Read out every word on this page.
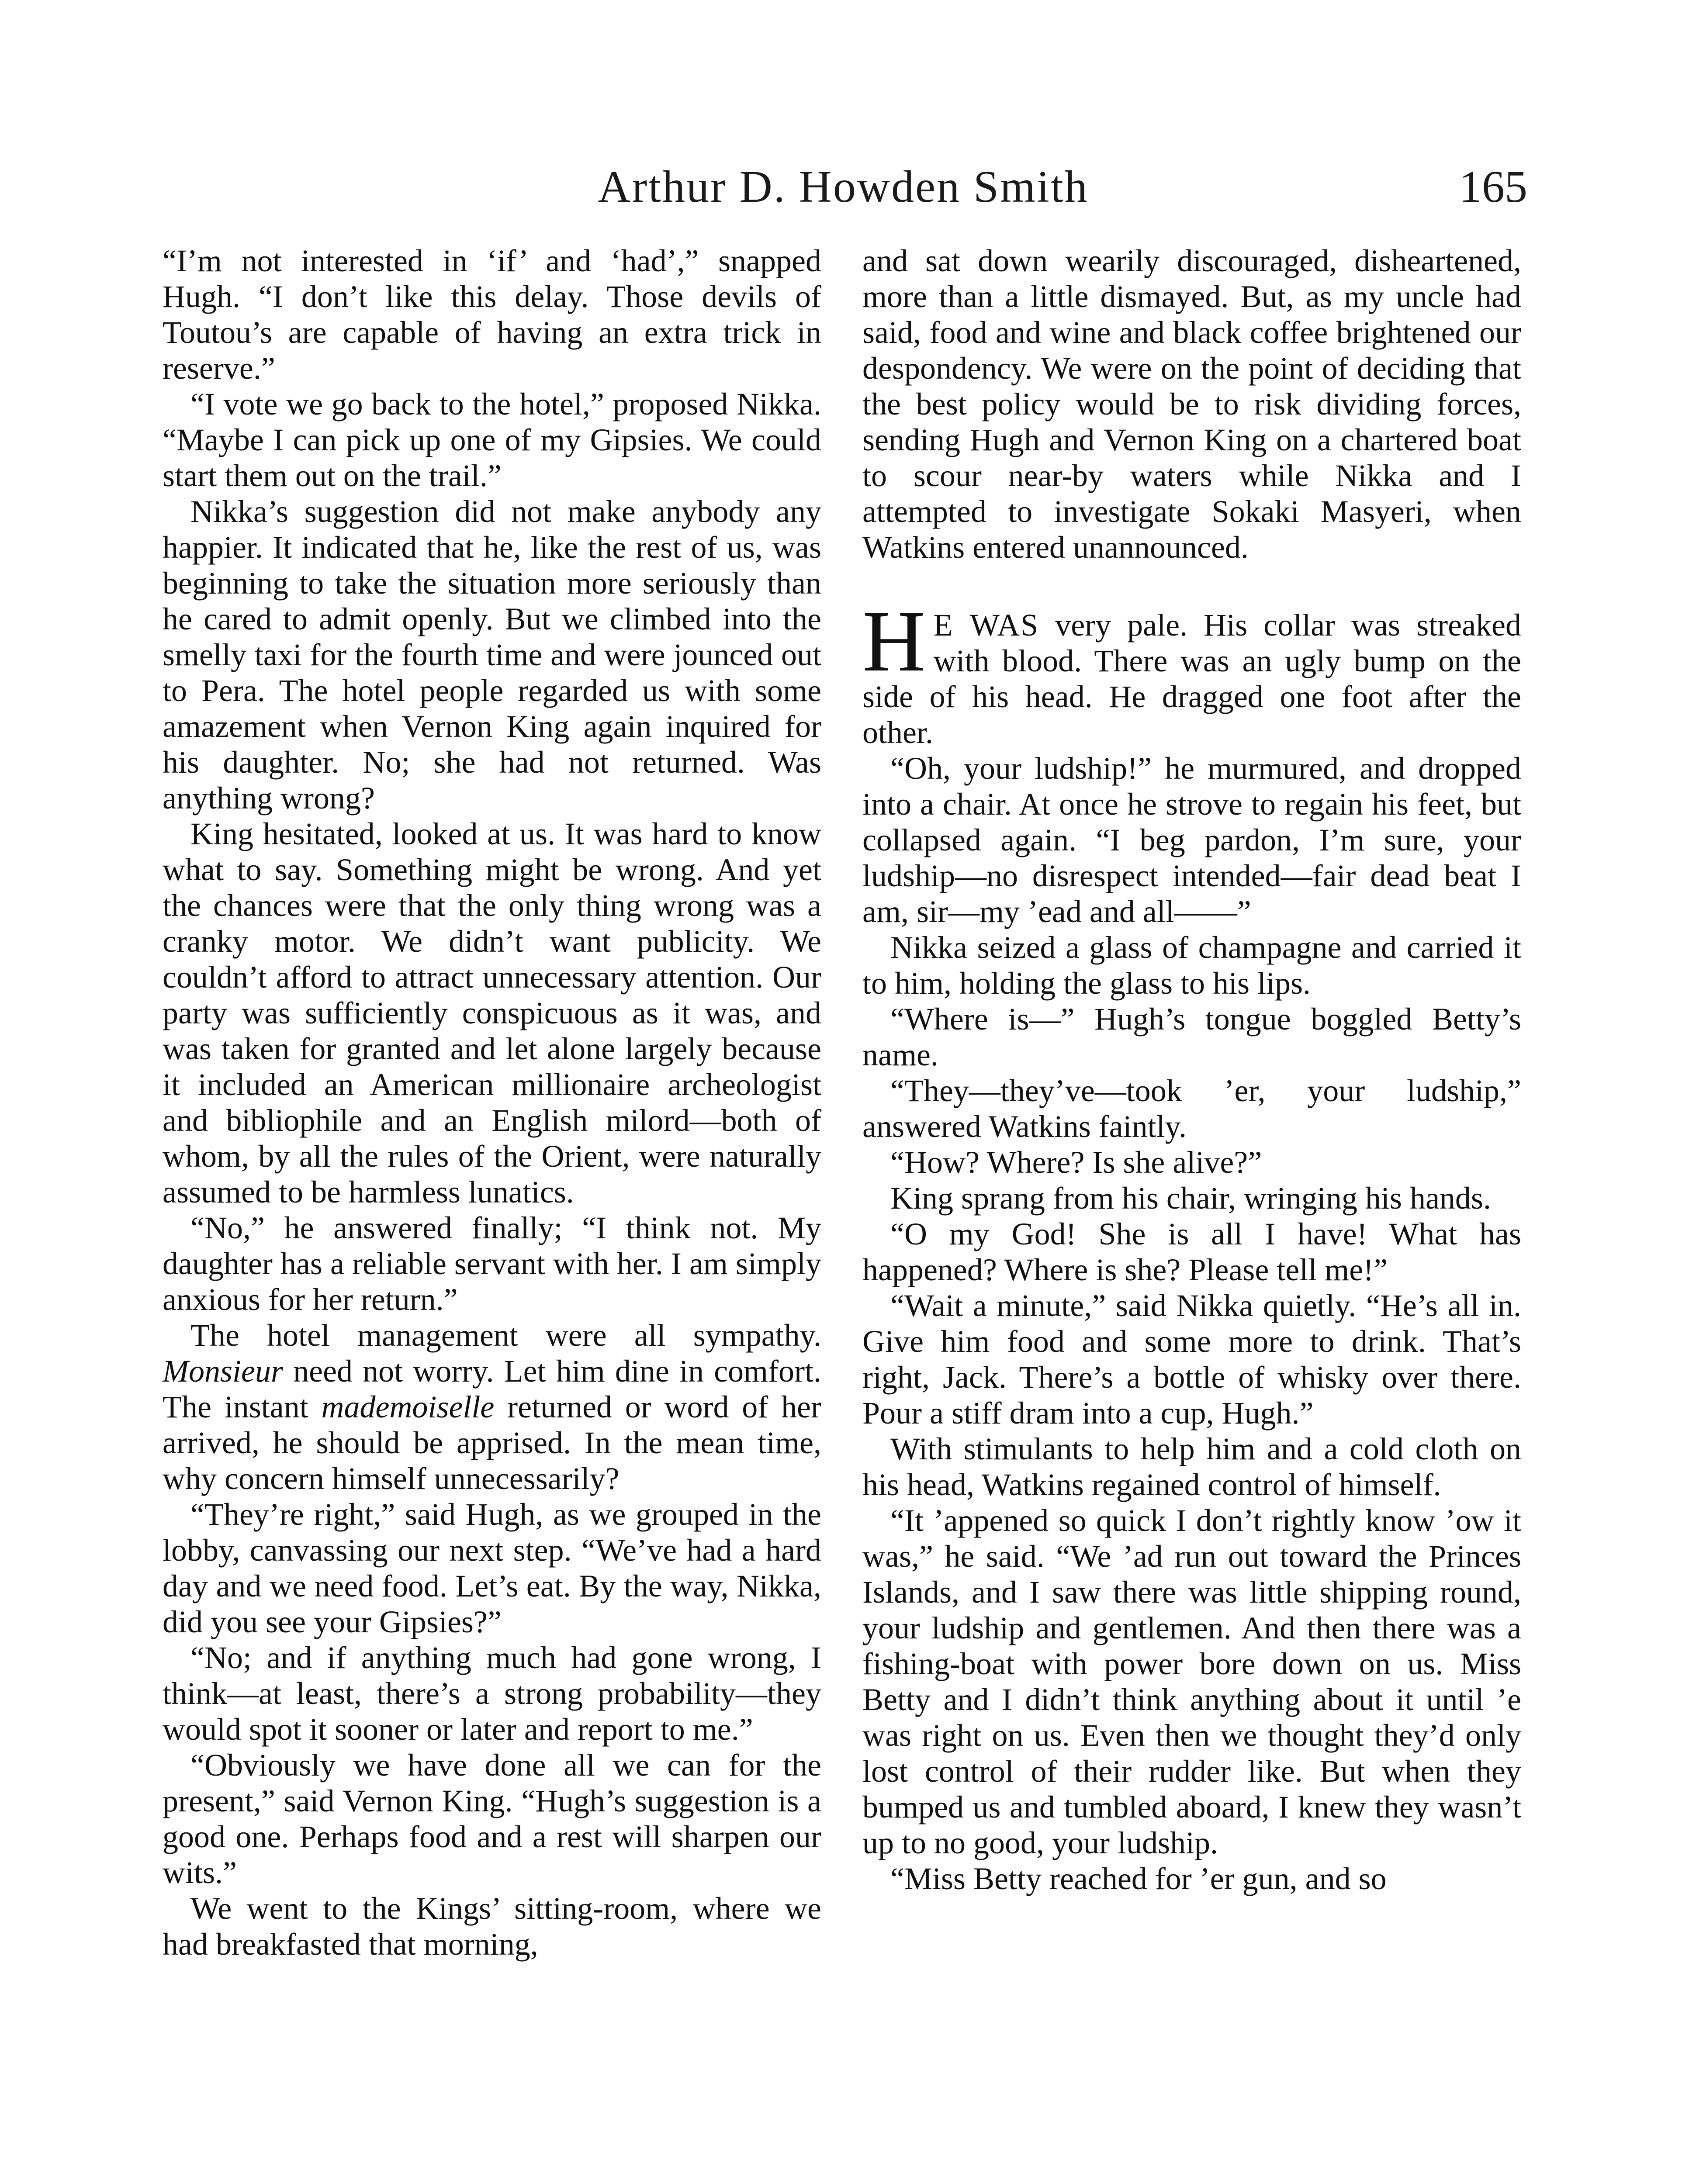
Arthur D. Howden Smith	165

“I’m not interested in ‘if’ and ‘had’,” snapped Hugh. “I don’t like this delay. Those devils of Toutou’s are capable of having an extra trick in reserve.”

“I vote we go back to the hotel,” proposed Nikka. “Maybe I can pick up one of my Gipsies. We could start them out on the trail.”

Nikka’s suggestion did not make anybody any happier. It indicated that he, like the rest of us, was beginning to take the situation more seriously than he cared to admit openly. But we climbed into the smelly taxi for the fourth time and were jounced out to Pera. The hotel people regarded us with some amazement when Vernon King again inquired for his daughter. No; she had not returned. Was anything wrong?

King hesitated, looked at us. It was hard to know what to say. Something might be wrong. And yet the chances were that the only thing wrong was a cranky motor. We didn’t want publicity. We couldn’t afford to attract unnecessary attention. Our party was sufficiently conspicuous as it was, and was taken for granted and let alone largely because it included an American millionaire archeologist and bibliophile and an English milord—both of whom, by all the rules of the Orient, were naturally assumed to be harmless lunatics.

“No,” he answered finally; “I think not. My daughter has a reliable servant with her. I am simply anxious for her return.”

The hotel management were all sympathy. Monsieur need not worry. Let him dine in comfort. The instant mademoiselle returned or word of her arrived, he should be apprised. In the mean time, why concern himself unnecessarily?

“They’re right,” said Hugh, as we grouped in the lobby, canvassing our next step. “We’ve had a hard day and we need food. Let’s eat. By the way, Nikka, did you see your Gipsies?”

“No; and if anything much had gone wrong, I think—at least, there’s a strong probability—they would spot it sooner or later and report to me.”

“Obviously we have done all we can for the present,” said Vernon King. “Hugh’s suggestion is a good one. Perhaps food and a rest will sharpen our wits.”

We went to the Kings’ sitting-room, where we had breakfasted that morning,

and sat down wearily discouraged, disheartened, more than a little dismayed. But, as my uncle had said, food and wine and black coffee brightened our despondency. We were on the point of deciding that the best policy would be to risk dividing forces, sending Hugh and Vernon King on a chartered boat to scour near-by waters while Nikka and I attempted to investigate Sokaki Masyeri, when Watkins entered unannounced.

H E WAS very pale. His collar was streaked with blood. There was an ugly bump on the side of his head. He dragged one foot after the other.

“Oh, your ludship!” he murmured, and dropped into a chair. At once he strove to regain his feet, but collapsed again. “I beg pardon, I’m sure, your ludship—no disrespect intended—fair dead beat I am, sir—my ’ead and all——”

Nikka seized a glass of champagne and carried it to him, holding the glass to his lips.

“Where is—” Hugh’s tongue boggled Betty’s name.

“They—they’ve—took ’er, your ludship,” answered Watkins faintly.

“How? Where? Is she alive?”

King sprang from his chair, wringing his hands.

“O my God! She is all I have! What has happened? Where is she? Please tell me!”

“Wait a minute,” said Nikka quietly. “He’s all in. Give him food and some more to drink. That’s right, Jack. There’s a bottle of whisky over there. Pour a stiff dram into a cup, Hugh.”

With stimulants to help him and a cold cloth on his head, Watkins regained control of himself.

“It ’appened so quick I don’t rightly know ’ow it was,” he said. “We ’ad run out toward the Princes Islands, and I saw there was little shipping round, your ludship and gentlemen. And then there was a fishing-boat with power bore down on us. Miss Betty and I didn’t think anything about it until ’e was right on us. Even then we thought they’d only lost control of their rudder like. But when they bumped us and tumbled aboard, I knew they wasn’t up to no good, your ludship.

“Miss Betty reached for ’er gun, and so
